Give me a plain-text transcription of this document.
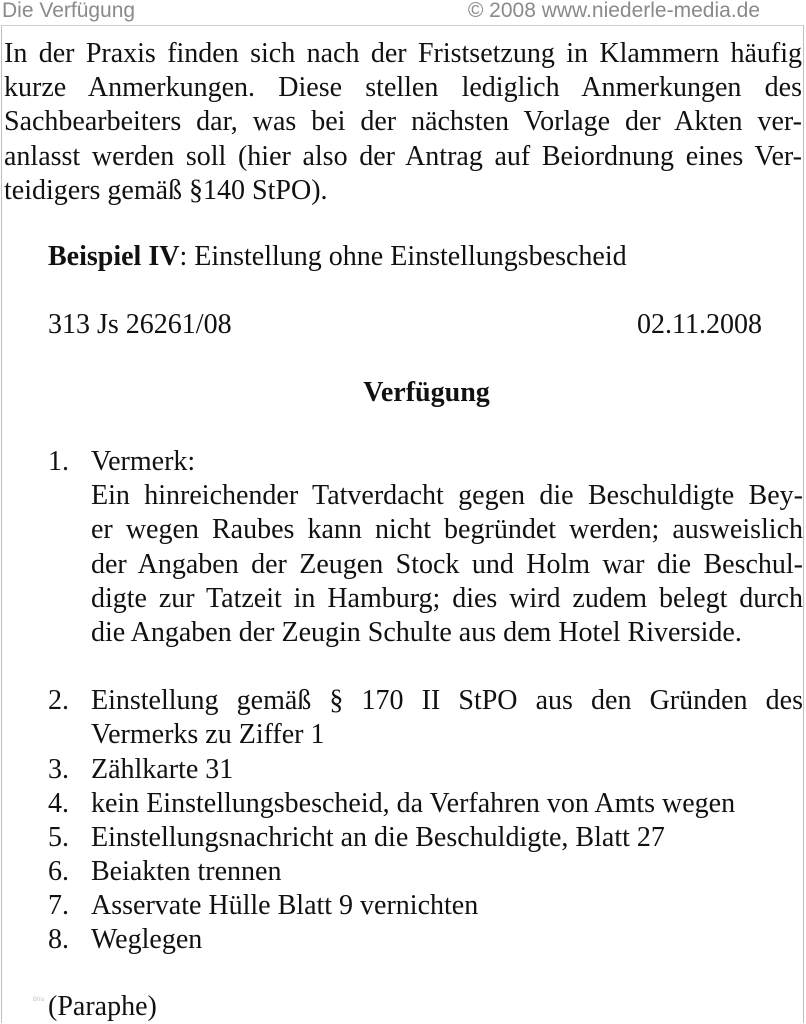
Die Verfügung	© 2008 www.niederle-media.de
In der Praxis finden sich nach der Fristsetzung in Klammern häufig
kurze Anmerkungen. Diese stellen lediglich Anmerkungen des
Sachbearbeiters dar, was bei der nächsten Vorlage der Akten ver-
anlasst werden soll (hier also der Antrag auf Beiordnung eines Ver-
teidigers gemäß §140 StPO).

Beispiel IV: Einstellung ohne Einstellungsbescheid

313 Js 26261/08	02.11.2008
Verfügung
1. Vermerk:
Ein hinreichender Tatverdacht gegen die Beschuldigte Bey-
er wegen Raubes kann nicht begründet werden; ausweislich
der Angaben der Zeugen Stock und Holm war die Beschul-
digte zur Tatzeit in Hamburg; dies wird zudem belegt durch
die Angaben der Zeugin Schulte aus dem Hotel Riverside.
2. Einstellung gemäß § 170 II StPO aus den Gründen des
Vermerks zu Ziffer 1
3. Zählkarte 31
4. kein Einstellungsbescheid, da Verfahren von Amts wegen
5. Einstellungsnachricht an die Beschuldigte, Blatt 27
6. Beiakten trennen
7. Asservate Hülle Blatt 9 vernichten
8. Weglegen
Bfra (Paraphe)
